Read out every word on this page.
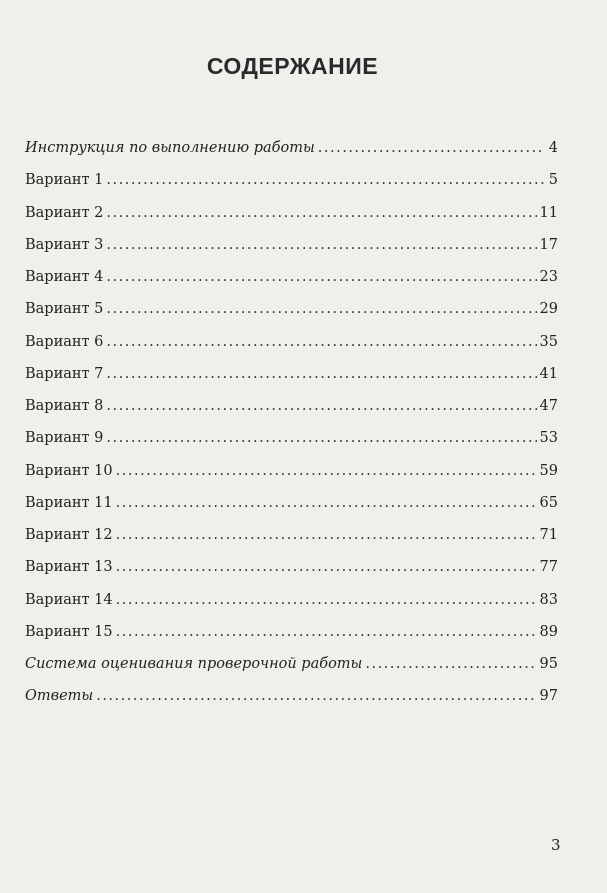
СОДЕРЖАНИЕ
Инструкция по выполнению работы .....	4
Вариант 1 .....	5
Вариант 2 .....	11
Вариант 3 .....	17
Вариант 4 .....	23
Вариант 5 .....	29
Вариант 6 .....	35
Вариант 7 .....	41
Вариант 8 .....	47
Вариант 9 .....	53
Вариант 10 .....	59
Вариант 11 .....	65
Вариант 12 .....	71
Вариант 13 .....	77
Вариант 14 .....	83
Вариант 15 .....	89
Система оценивания проверочной работы .....	95
Ответы .....	97
3
